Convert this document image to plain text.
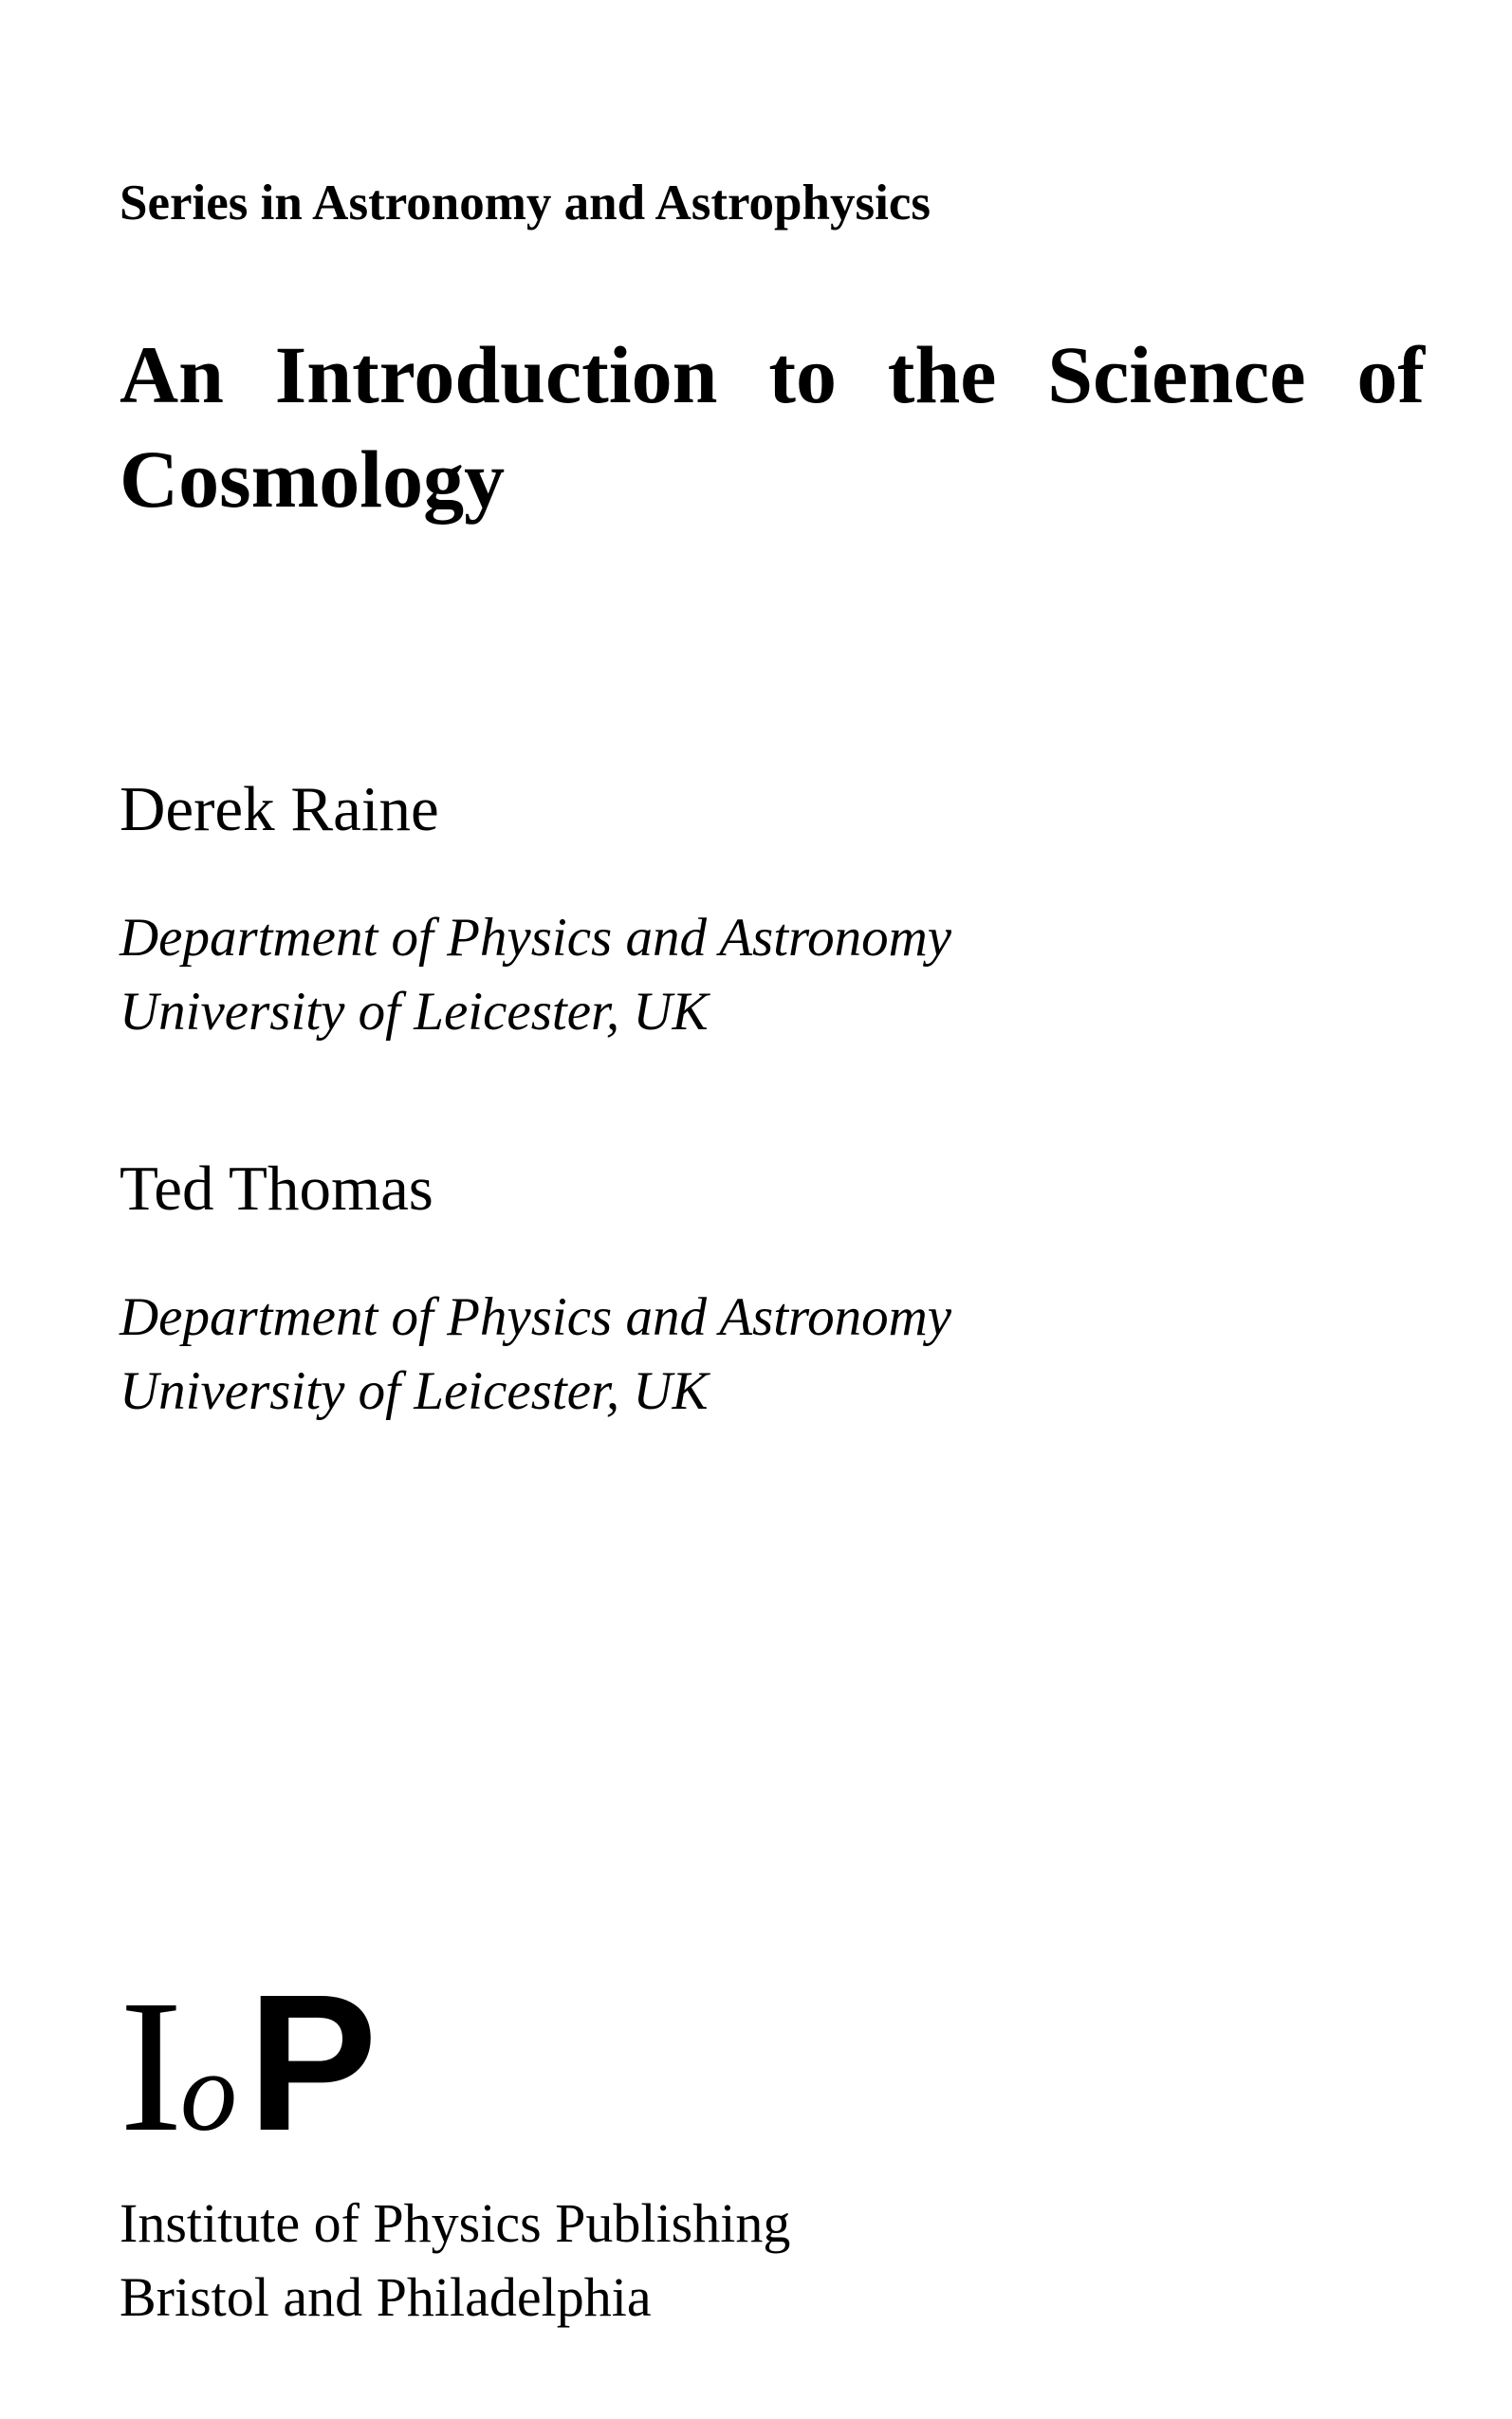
Series in Astronomy and Astrophysics
An Introduction to the Science of
Cosmology
Derek Raine
Department of Physics and Astronomy
University of Leicester, UK
Ted Thomas
Department of Physics and Astronomy
University of Leicester, UK
I
o P
Institute of Physics Publishing
Bristol and Philadelphia
